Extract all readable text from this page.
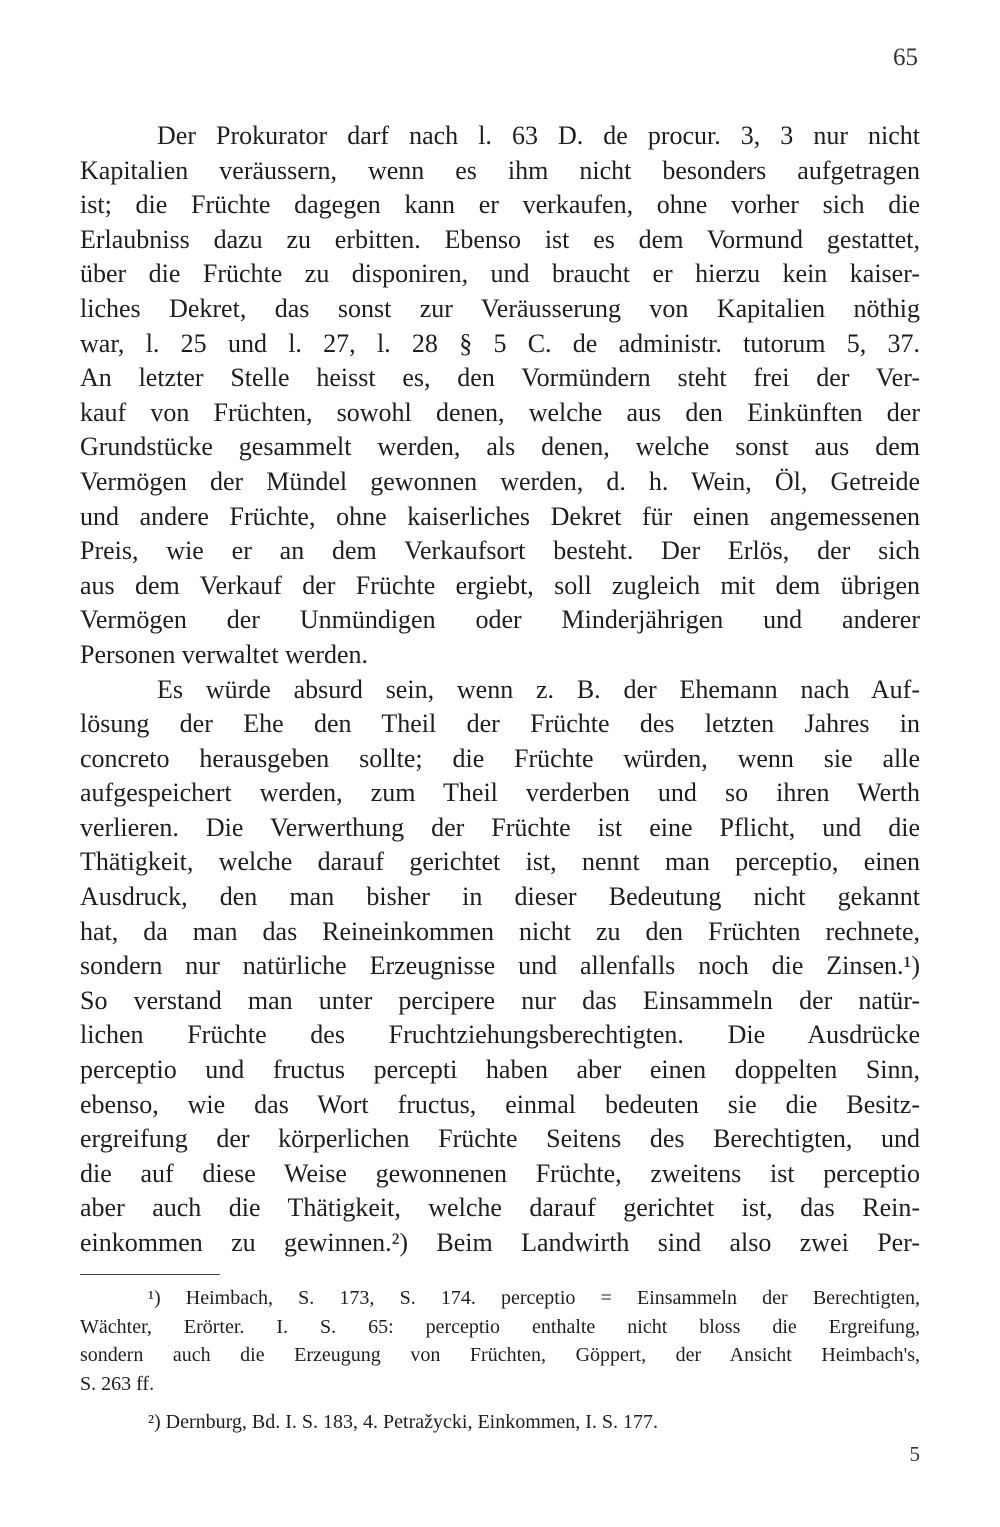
65
Der Prokurator darf nach l. 63 D. de procur. 3, 3 nur nicht
Kapitalien veräussern, wenn es ihm nicht besonders aufgetragen
ist; die Früchte dagegen kann er verkaufen, ohne vorher sich die
Erlaubniss dazu zu erbitten. Ebenso ist es dem Vormund gestattet,
über die Früchte zu disponiren, und braucht er hierzu kein kaiser-
liches Dekret, das sonst zur Veräusserung von Kapitalien nöthig
war, l. 25 und l. 27, l. 28 § 5 C. de administr. tutorum 5, 37.
An letzter Stelle heisst es, den Vormündern steht frei der Ver-
kauf von Früchten, sowohl denen, welche aus den Einkünften der
Grundstücke gesammelt werden, als denen, welche sonst aus dem
Vermögen der Mündel gewonnen werden, d. h. Wein, Öl, Getreide
und andere Früchte, ohne kaiserliches Dekret für einen angemessenen
Preis, wie er an dem Verkaufsort besteht. Der Erlös, der sich
aus dem Verkauf der Früchte ergiebt, soll zugleich mit dem übrigen
Vermögen der Unmündigen oder Minderjährigen und anderer
Personen verwaltet werden.
Es würde absurd sein, wenn z. B. der Ehemann nach Auf-
lösung der Ehe den Theil der Früchte des letzten Jahres in
concreto herausgeben sollte; die Früchte würden, wenn sie alle
aufgespeichert werden, zum Theil verderben und so ihren Werth
verlieren. Die Verwerthung der Früchte ist eine Pflicht, und die
Thätigkeit, welche darauf gerichtet ist, nennt man perceptio, einen
Ausdruck, den man bisher in dieser Bedeutung nicht gekannt
hat, da man das Reineinkommen nicht zu den Früchten rechnete,
sondern nur natürliche Erzeugnisse und allenfalls noch die Zinsen.¹)
So verstand man unter percipere nur das Einsammeln der natür-
lichen Früchte des Fruchtziehungsberechtigten. Die Ausdrücke
perceptio und fructus percepti haben aber einen doppelten Sinn,
ebenso, wie das Wort fructus, einmal bedeuten sie die Besitz-
ergreifung der körperlichen Früchte Seitens des Berechtigten, und
die auf diese Weise gewonnenen Früchte, zweitens ist perceptio
aber auch die Thätigkeit, welche darauf gerichtet ist, das Rein-
einkommen zu gewinnen.²) Beim Landwirth sind also zwei Per-
¹) Heimbach, S. 173, S. 174. perceptio = Einsammeln der Berechtigten,
Wächter, Erörter. I. S. 65: perceptio enthalte nicht bloss die Ergreifung,
sondern auch die Erzeugung von Früchten, Göppert, der Ansicht Heimbach's,
S. 263 ff.
²) Dernburg, Bd. I. S. 183, 4. Petražycki, Einkommen, I. S. 177.
5
